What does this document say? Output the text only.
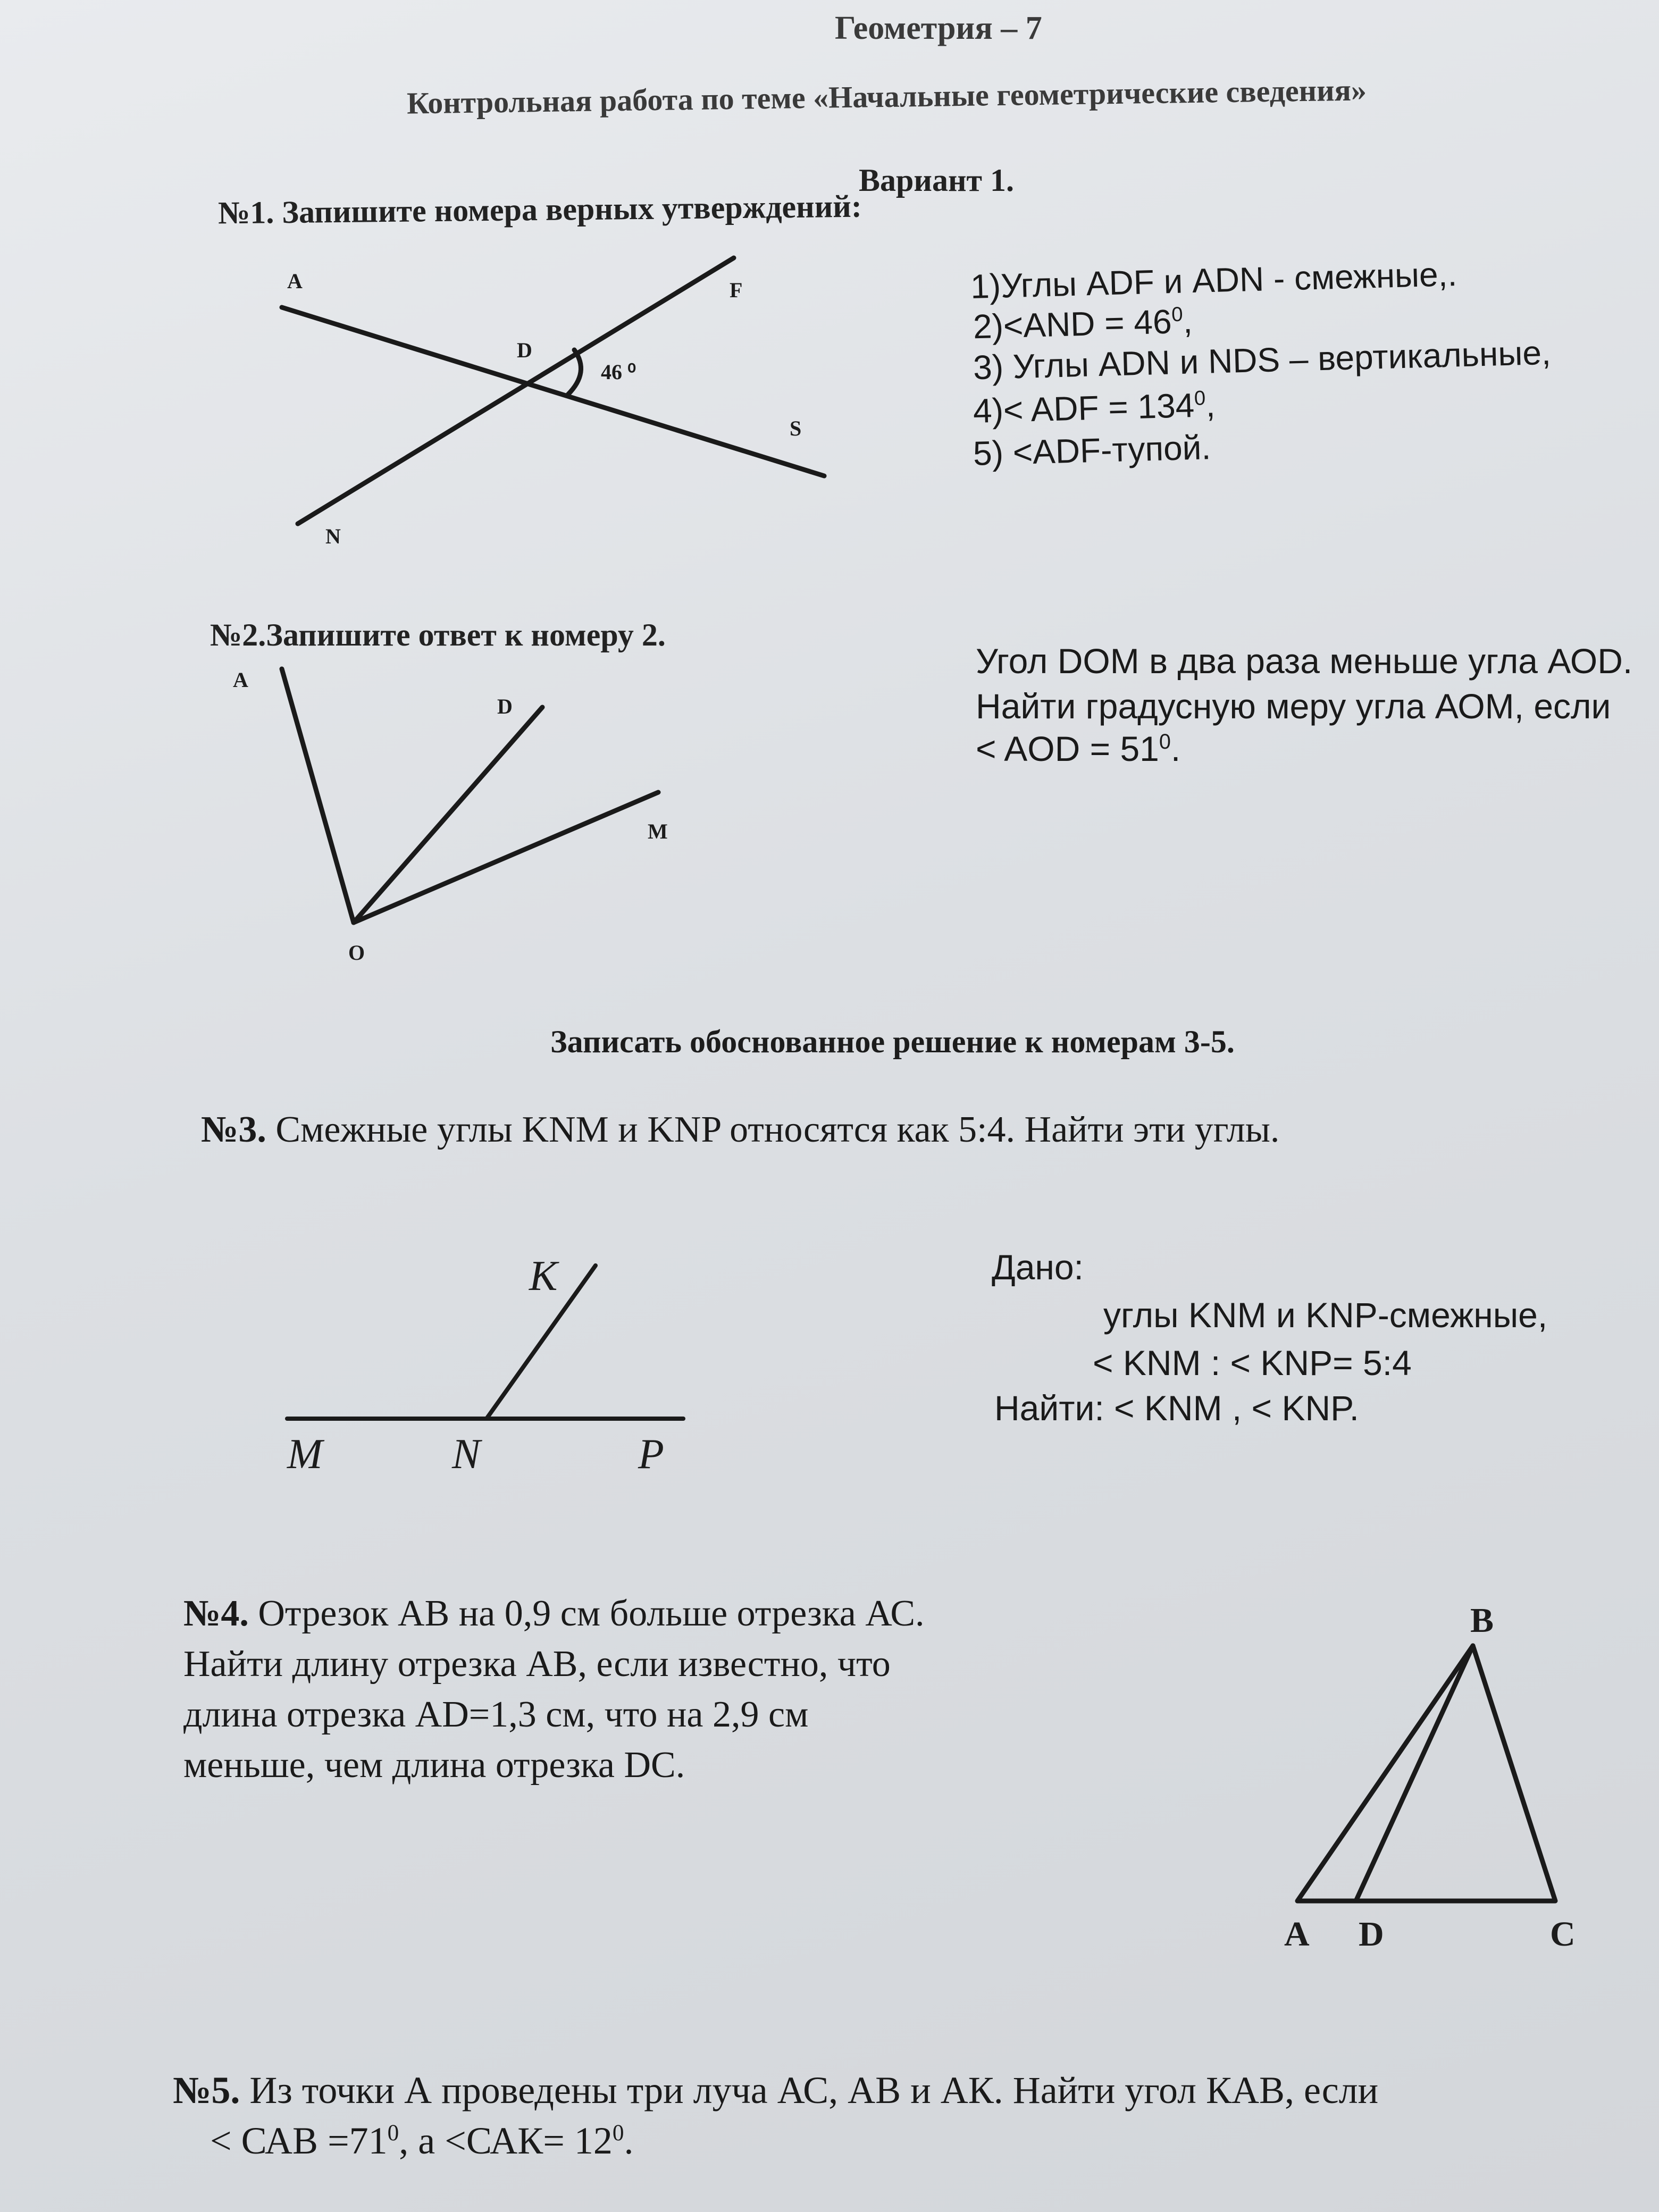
Геометрия – 7
Контрольная работа по теме «Начальные геометрические сведения»
Вариант 1.
№1. Запишите номера верных утверждений:
A	F
D
46 ⁰
S
N
1)Углы ADF и ADN - смежные,.
$2)<AND = 46^0$,
3) Углы ADN и NDS – вертикальные,
4)< ADF = $134^0$,
5) <ADF-тупой.
№2.Запишите ответ к номеру 2.
A
D
M
O
Угол DOM в два раза меньше угла АОD.
Найти градусную меру угла АОМ, если
< AOD = $51^0$.
Записать обоснованное решение к номерам 3-5.
№3. Смежные углы KNM и KNP относятся как 5:4. Найти эти углы.
K
M	N	P
Дано:
углы KNM и KNP-смежные,
< KNM : < KNP= 5:4
Найти: < KNM , < KNP.
№4. Отрезок АВ на 0,9 см больше отрезка АС.
Найти длину отрезка АВ, если известно, что
длина отрезка AD=1,3 см, что на 2,9 см
меньше, чем длина отрезка DC.
B
A D	C
№5. Из точки А проведены три луча АС, АВ и АК. Найти угол КАВ, если
< САВ $=71^0$, $а <САК= 12^0$.
